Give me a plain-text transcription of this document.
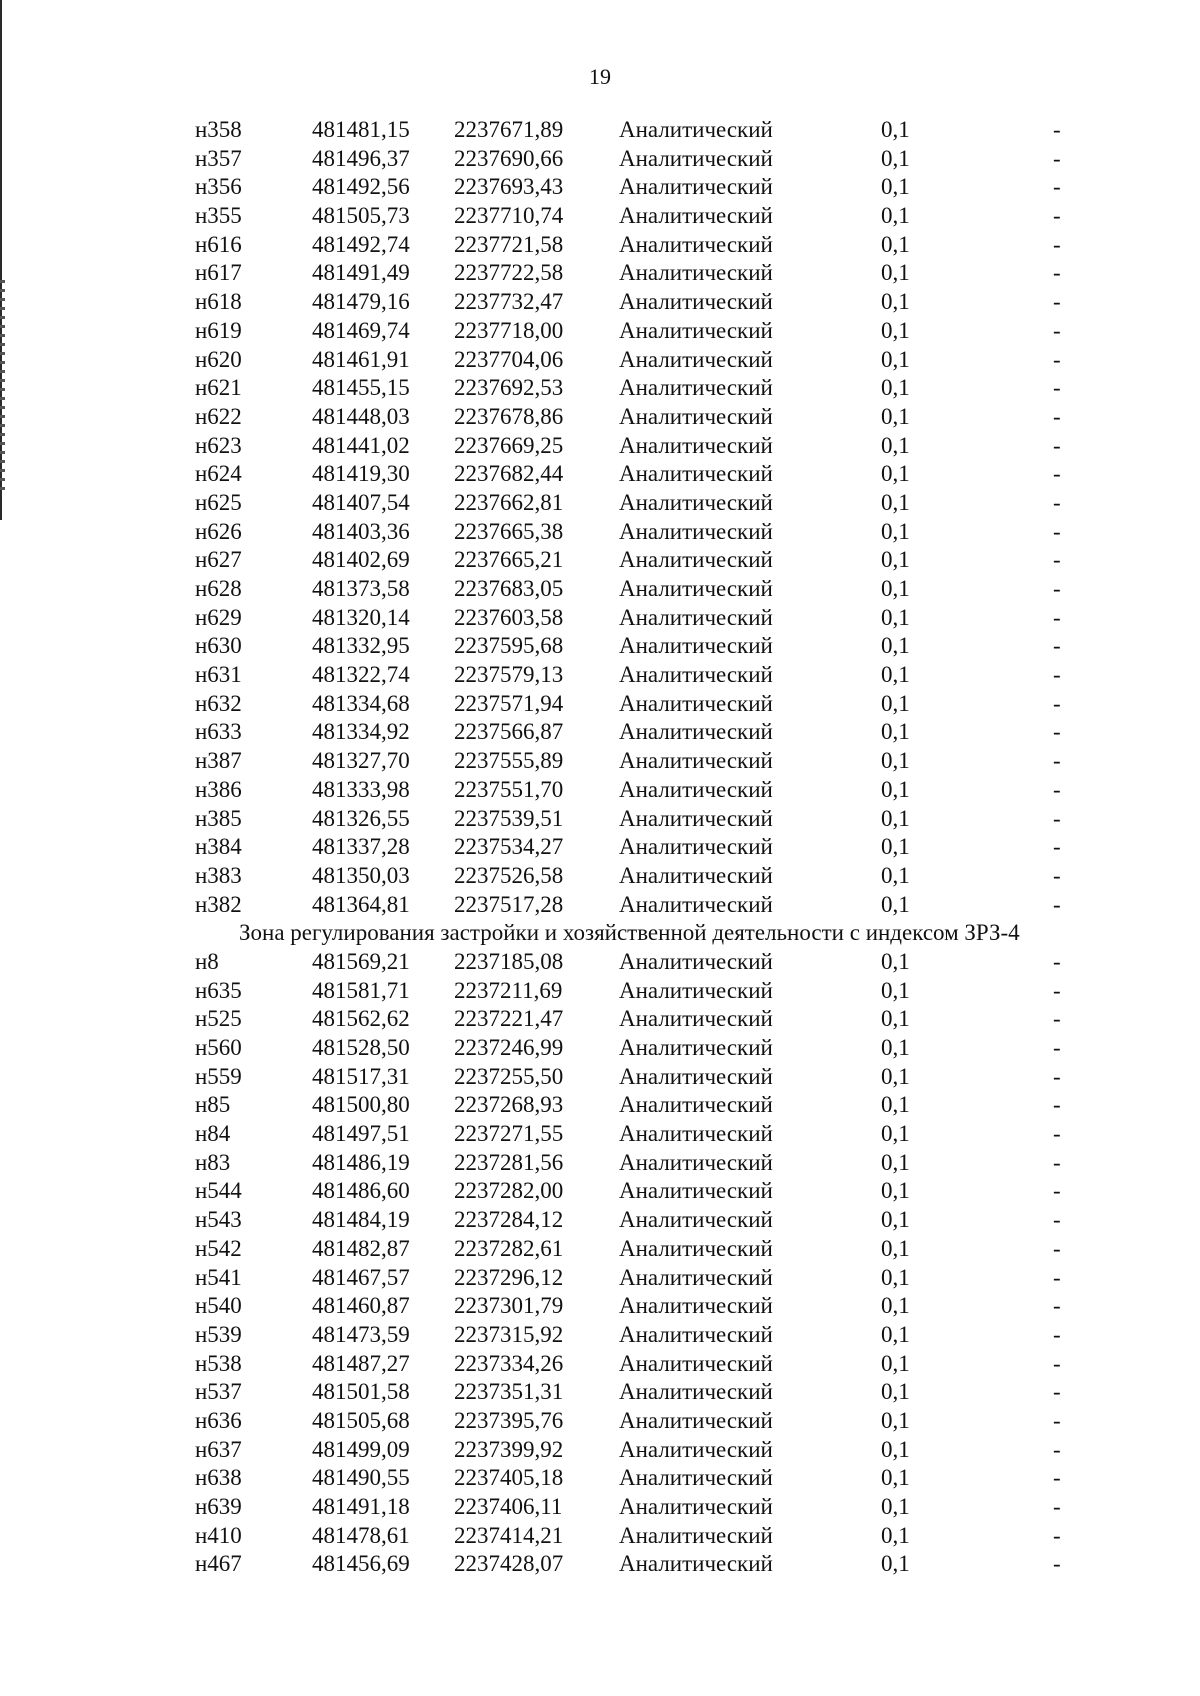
19
н358	481481,15 2237671,89 Аналитический	0,1	-
н357	481496,37 2237690,66 Аналитический	0,1	-
н356	481492,56 2237693,43 Аналитический	0,1	-
н355	481505,73 2237710,74 Аналитический	0,1	-
н616	481492,74 2237721,58 Аналитический	0,1	-
н617	481491,49 2237722,58 Аналитический	0,1	-
н618	481479,16 2237732,47 Аналитический	0,1	-
н619	481469,74 2237718,00 Аналитический	0,1	-
н620	481461,91 2237704,06 Аналитический	0,1	-
н621	481455,15 2237692,53 Аналитический	0,1	-
н622	481448,03 2237678,86 Аналитический	0,1	-
н623	481441,02 2237669,25 Аналитический	0,1	-
н624	481419,30 2237682,44 Аналитический	0,1	-
н625	481407,54 2237662,81 Аналитический	0,1	-
н626	481403,36 2237665,38 Аналитический	0,1	-
н627	481402,69 2237665,21 Аналитический	0,1	-
н628	481373,58 2237683,05 Аналитический	0,1	-
н629	481320,14 2237603,58 Аналитический	0,1	-
н630	481332,95 2237595,68 Аналитический	0,1	-
н631	481322,74 2237579,13 Аналитический	0,1	-
н632	481334,68 2237571,94 Аналитический	0,1	-
н633	481334,92 2237566,87 Аналитический	0,1	-
н387	481327,70 2237555,89 Аналитический	0,1	-
н386	481333,98 2237551,70 Аналитический	0,1	-
н385	481326,55 2237539,51 Аналитический	0,1	-
н384	481337,28 2237534,27 Аналитический	0,1	-
н383	481350,03 2237526,58 Аналитический	0,1	-
н382	481364,81 2237517,28 Аналитический	0,1	-
Зона регулирования застройки и хозяйственной деятельности с индексом ЗРЗ-4
н8	481569,21 2237185,08 Аналитический	0,1	-
н635	481581,71 2237211,69 Аналитический	0,1	-
н525	481562,62 2237221,47 Аналитический	0,1	-
н560	481528,50 2237246,99 Аналитический	0,1	-
н559	481517,31 2237255,50 Аналитический	0,1	-
н85	481500,80 2237268,93 Аналитический	0,1	-
н84	481497,51 2237271,55 Аналитический	0,1	-
н83	481486,19 2237281,56 Аналитический	0,1	-
н544	481486,60 2237282,00 Аналитический	0,1	-
н543	481484,19 2237284,12 Аналитический	0,1	-
н542	481482,87 2237282,61 Аналитический	0,1	-
н541	481467,57 2237296,12 Аналитический	0,1	-
н540	481460,87 2237301,79 Аналитический	0,1	-
н539	481473,59 2237315,92 Аналитический	0,1	-
н538	481487,27 2237334,26 Аналитический	0,1	-
н537	481501,58 2237351,31 Аналитический	0,1	-
н636	481505,68 2237395,76 Аналитический	0,1	-
н637	481499,09 2237399,92 Аналитический	0,1	-
н638	481490,55 2237405,18 Аналитический	0,1	-
н639	481491,18 2237406,11 Аналитический	0,1	-
н410	481478,61 2237414,21 Аналитический	0,1	-
н467	481456,69 2237428,07 Аналитический	0,1	-
